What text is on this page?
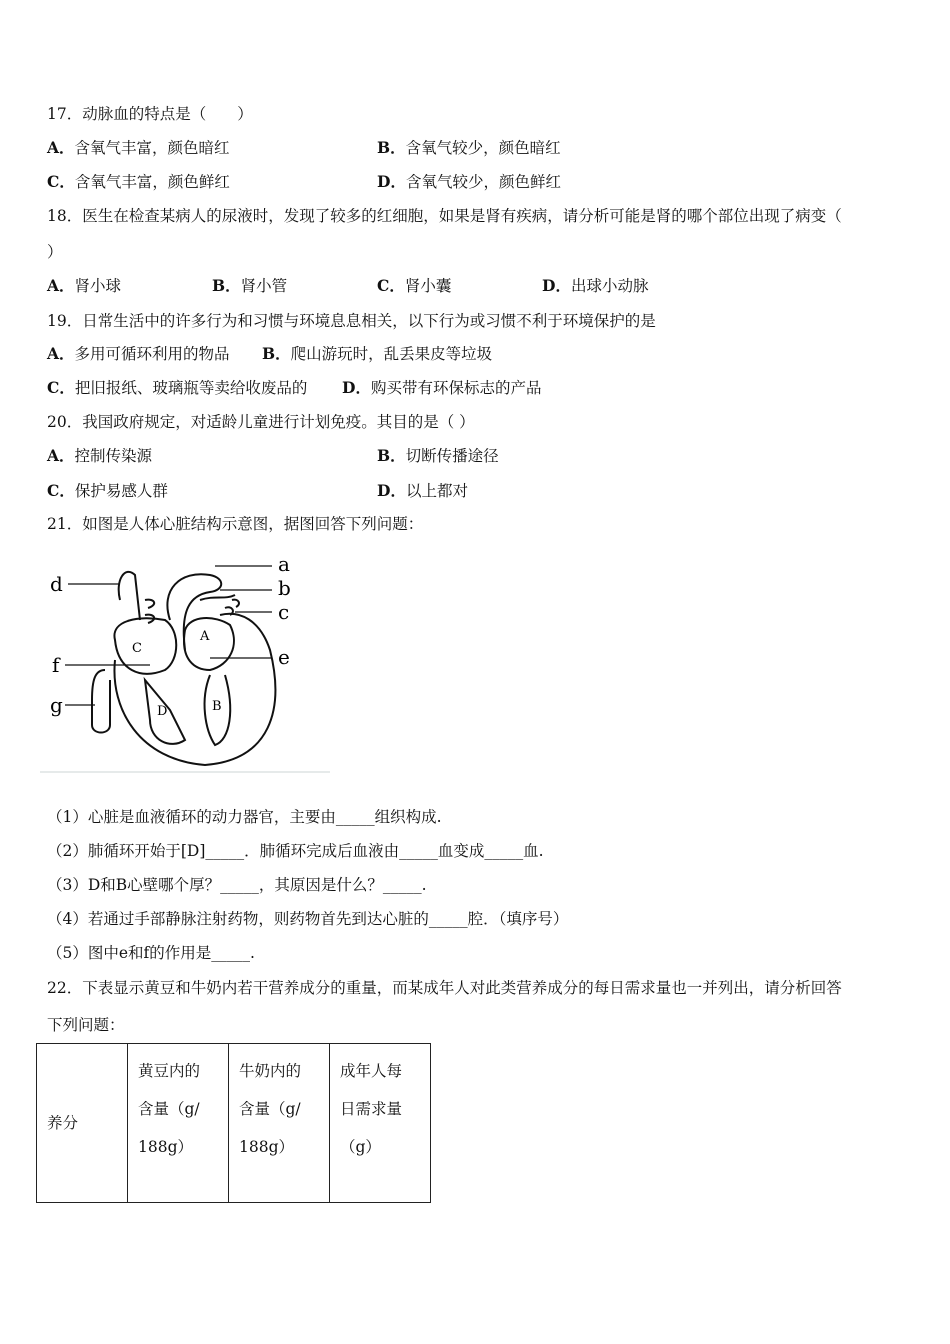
17．动脉血的特点是（　　）
A．含氧气丰富，颜色暗红	B．含氧气较少，颜色暗红
C．含氧气丰富，颜色鲜红	D．含氧气较少，颜色鲜红
18．医生在检查某病人的尿液时，发现了较多的红细胞，如果是肾有疾病，请分析可能是肾的哪个部位出现了病变（
）
A．肾小球	B．肾小管	C．肾小囊	D．出球小动脉
19．日常生活中的许多行为和习惯与环境息息相关，以下行为或习惯不利于环境保护的是
A．多用可循环利用的物品 B．爬山游玩时，乱丢果皮等垃圾
C．把旧报纸、玻璃瓶等卖给收废品的 D．购买带有环保标志的产品
20．我国政府规定，对适龄儿童进行计划免疫。其目的是（ ）
A．控制传染源	B．切断传播途径
C．保护易感人群	D．以上都对
21．如图是人体心脏结构示意图，据图回答下列问题：
a
b
c
d
e
f
g
A
B
C
D
（1）心脏是血液循环的动力器官，主要由_____组织构成.
（2）肺循环开始于[D]_____．肺循环完成后血液由_____血变成_____血.
（3）D和B心壁哪个厚？_____，其原因是什么？_____.
（4）若通过手部静脉注射药物，则药物首先到达心脏的_____腔．（填序号）
（5）图中e和f的作用是_____.
22．下表显示黄豆和牛奶内若干营养成分的重量，而某成年人对此类营养成分的每日需求量也一并列出，请分析回答
下列问题：
养分	黄豆内的
含量（g/
188g）	牛奶内的
含量（g/
188g）	成年人每
日需求量
（g）
